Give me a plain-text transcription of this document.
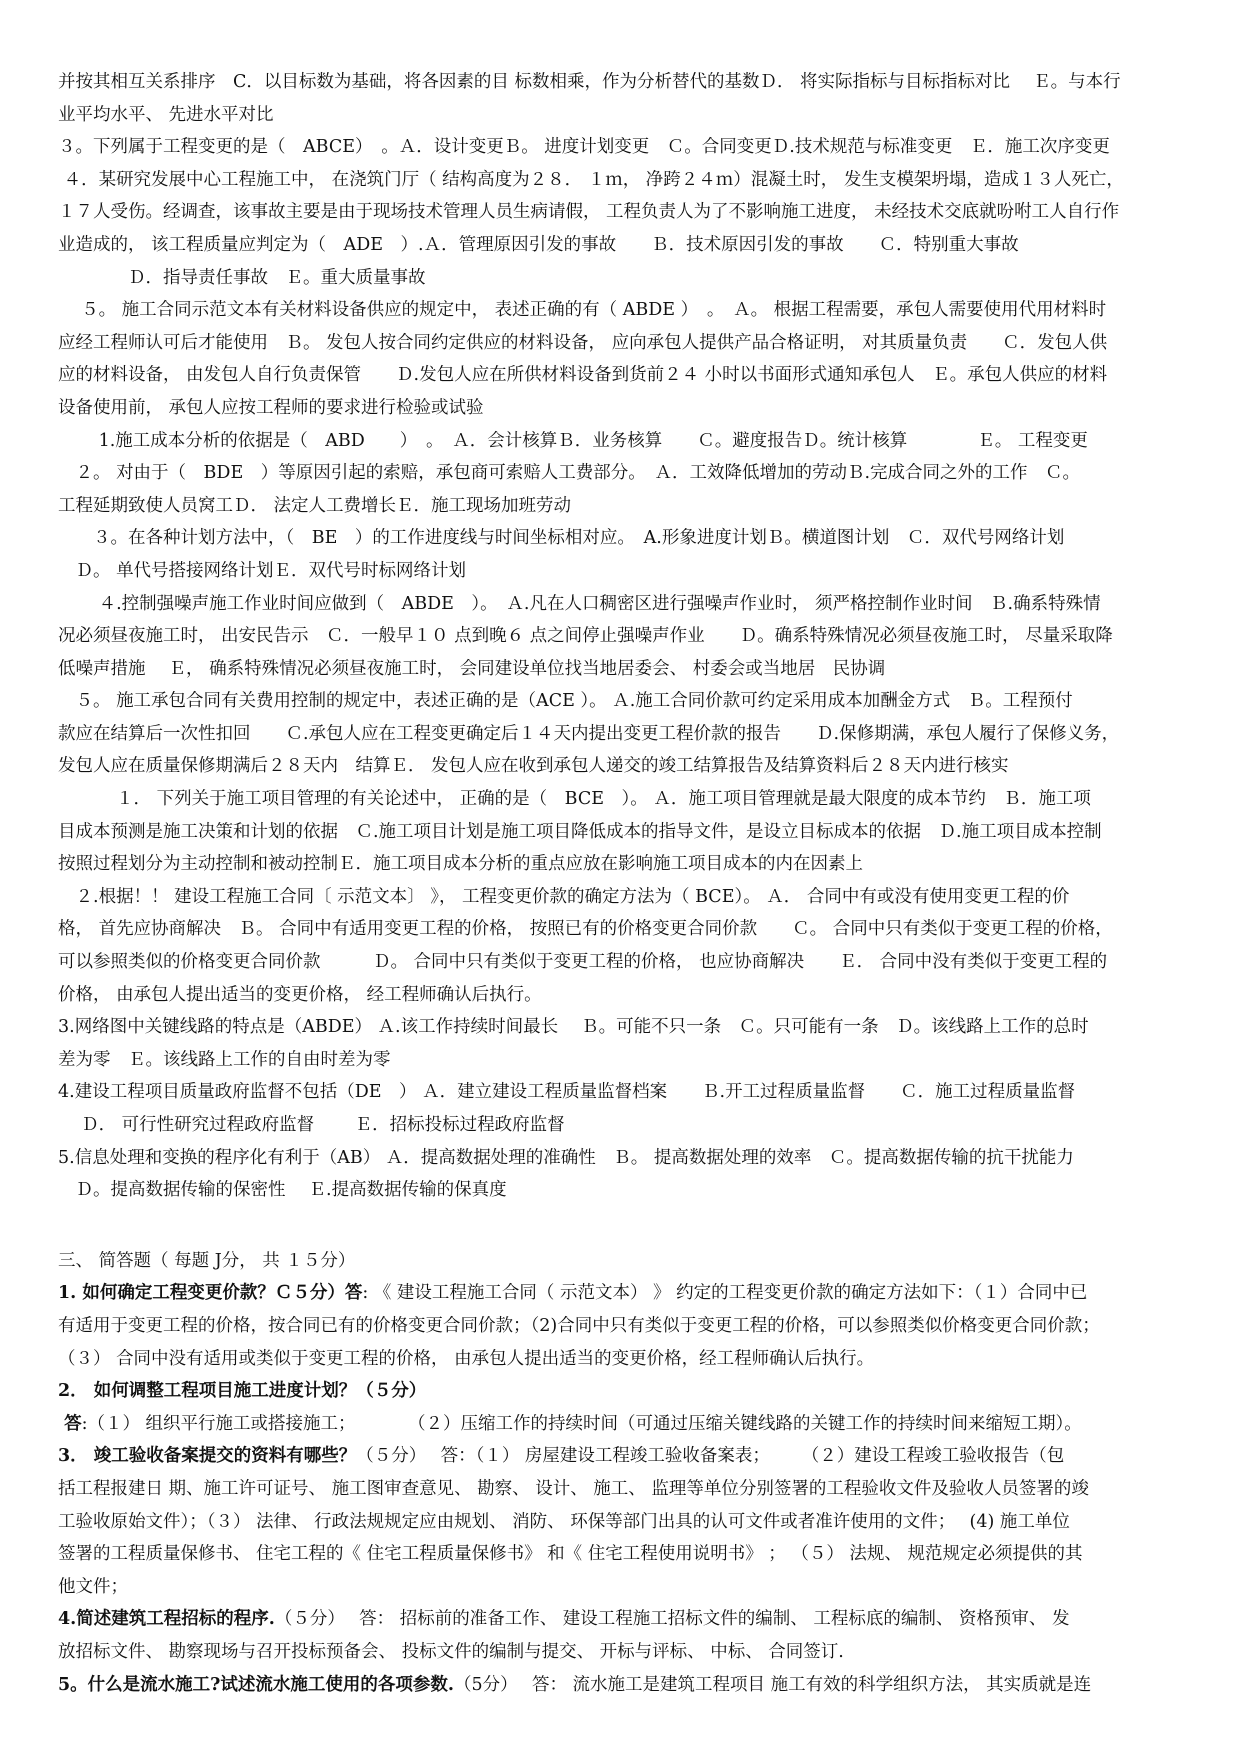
并按其相互关系排序　C．以目标数为基础，将各因素的目 标数相乘，作为分析替代的基数Ｄ． 将实际指标与目标指标对比　 Ｅ。与本行
业平均水平、 先进水平对比
３。下列属于工程变更的是（　ABCE）　。Ａ．设计变更Ｂ。 进度计划变更　Ｃ。合同变更Ｄ.技术规范与标准变更　Ｅ．施工次序变更
４．某研究发展中心工程施工中， 在浇筑门厅（ 结构高度为２８． １ｍ， 净跨２４ｍ）混凝土时， 发生支模架坍塌，造成１３人死亡，
１７人受伤。经调查，该事故主要是由于现场技术管理人员生病请假， 工程负责人为了不影响施工进度， 未经技术交底就吩咐工人自行作
业造成的， 该工程质量应判定为（　ADE　）.Ａ．管理原因引发的事故　　Ｂ．技术原因引发的事故　　Ｃ．特别重大事故
　　　　Ｄ．指导责任事故　Ｅ。重大质量事故
　 ５。 施工合同示范文本有关材料设备供应的规定中， 表述正确的有（ ABDE ）　。　Ａ。 根据工程需要，承包人需要使用代用材料时
应经工程师认可后才能使用　Ｂ。 发包人按合同约定供应的材料设备， 应向承包人提供产品合格证明， 对其质量负责　　Ｃ．发包人供
应的材料设备， 由发包人自行负责保管　　Ｄ.发包人应在所供材料设备到货前２４ 小时以书面形式通知承包人　Ｅ。承包人供应的材料
设备使用前， 承包人应按工程师的要求进行检验或试验
　　 1.施工成本分析的依据是（　ABD　　）　。　Ａ．会计核算Ｂ．业务核算　　Ｃ。避度报告Ｄ。统计核算　　　　Ｅ。 工程变更
　２。 对由于（　BDE　）等原因引起的索赔，承包商可索赔人工费部分。　Ａ．工效降低增加的劳动Ｂ.完成合同之外的工作　Ｃ。
工程延期致使人员窝工Ｄ． 法定人工费增长Ｅ．施工现场加班劳动
　　３。在各种计划方法中，（　BE　）的工作进度线与时间坐标相对应。　A.形象进度计划Ｂ。横道图计划　Ｃ．双代号网络计划
　Ｄ。 单代号搭接网络计划Ｅ．双代号时标网络计划
　　 ４.控制强噪声施工作业时间应做到（　ABDE　）。　Ａ.凡在人口稠密区进行强噪声作业时， 须严格控制作业时间　Ｂ.确系特殊情
况必须昼夜施工时， 出安民告示　Ｃ．一般早１０ 点到晚６ 点之间停止强噪声作业　　Ｄ。确系特殊情况必须昼夜施工时， 尽量采取降
低噪声措施　 Ｅ， 确系特殊情况必须昼夜施工时， 会同建设单位找当地居委会、 村委会或当地居　民协调
　５。 施工承包合同有关费用控制的规定中，表述正确的是（ACE ）。 Ａ.施工合同价款可约定采用成本加酬金方式　Ｂ。工程预付
款应在结算后一次性扣回　　Ｃ.承包人应在工程变更确定后１４天内提出变更工程价款的报告　　Ｄ.保修期满，承包人履行了保修义务，
发包人应在质量保修期满后２８天内　结算Ｅ． 发包人应在收到承包人递交的竣工结算报告及结算资料后２８天内进行核实
　　　 １． 下列关于施工项目管理的有关论述中， 正确的是（　BCE　）。 Ａ．施工项目管理就是最大限度的成本节约　Ｂ．施工项
目成本预测是施工决策和计划的依据　Ｃ.施工项目计划是施工项目降低成本的指导文件，是设立目标成本的依据　Ｄ.施工项目成本控制
按照过程划分为主动控制和被动控制Ｅ．施工项目成本分析的重点应放在影响施工项目成本的内在因素上
　２.根据！！ 建设工程施工合同〔 示范文本〕 》， 工程变更价款的确定方法为（ BCE）。 Ａ． 合同中有或没有使用变更工程的价
格， 首先应协商解决　Ｂ。 合同中有适用变更工程的价格， 按照已有的价格变更合同价款　　Ｃ。 合同中只有类似于变更工程的价格，
可以参照类似的价格变更合同价款　　　Ｄ。 合同中只有类似于变更工程的价格， 也应协商解决　　Ｅ． 合同中没有类似于变更工程的
价格， 由承包人提出适当的变更价格， 经工程师确认后执行。
3.网络图中关键线路的特点是（ABDE） Ａ.该工作持续时间最长　 Ｂ。可能不只一条　Ｃ。只可能有一条　Ｄ。该线路上工作的总时
差为零　Ｅ。该线路上工作的自由时差为零
4.建设工程项目质量政府监督不包括（DE　） Ａ．建立建设工程质量监督档案　　Ｂ.开工过程质量监督　　Ｃ．施工过程质量监督
　 Ｄ． 可行性研究过程政府监督　　 Ｅ．招标投标过程政府监督
5.信息处理和变换的程序化有利于（AB） Ａ．提高数据处理的准确性　Ｂ。 提高数据处理的效率　Ｃ。提高数据传输的抗干扰能力
　Ｄ。提高数据传输的保密性　 Ｅ.提高数据传输的保真度
三、 简答题（ 每题 J分， 共 １５分）
1. 如何确定工程变更价款？Ｃ５分）答: 《 建设工程施工合同（ 示范文本） 》 约定的工程变更价款的确定方法如下：（１）合同中已
有适用于变更工程的价格，按合同已有的价格变更合同价款；（2)合同中只有类似于变更工程的价格，可以参照类似价格变更合同价款；
（３） 合同中没有适用或类似于变更工程的价格， 由承包人提出适当的变更价格，经工程师确认后执行。
2． 如何调整工程项目施工进度计划？（５分）
答:（１） 组织平行施工或搭接施工；　　　　（２）压缩工作的持续时间（可通过压缩关键线路的关键工作的持续时间来缩短工期）。
3． 竣工验收备案提交的资料有哪些？（５分）　 答：（１） 房屋建设工程竣工验收备案表；　　 （２）建设工程竣工验收报告（包
括工程报建日 期、施工许可证号、 施工图审查意见、 勘察、 设计、 施工、 监理等单位分别签署的工程验收文件及验收人员签署的竣
工验收原始文件）；（３） 法律、 行政法规规定应由规划、 消防、 环保等部门出具的认可文件或者准许使用的文件；　 (4) 施工单位
签署的工程质量保修书、 住宅工程的《 住宅工程质量保修书》 和《 住宅工程使用说明书》 ； （５） 法规、 规范规定必须提供的其
他文件；
4.简述建筑工程招标的程序.（５分）　 答： 招标前的准备工作、 建设工程施工招标文件的编制、 工程标底的编制、 资格预审、 发
放招标文件、 勘察现场与召开投标预备会、 投标文件的编制与提交、 开标与评标、 中标、 合同签订.
5。什么是流水施工?试述流水施工使用的各项参数.（5分）　 答： 流水施工是建筑工程项目 施工有效的科学组织方法， 其实质就是连
